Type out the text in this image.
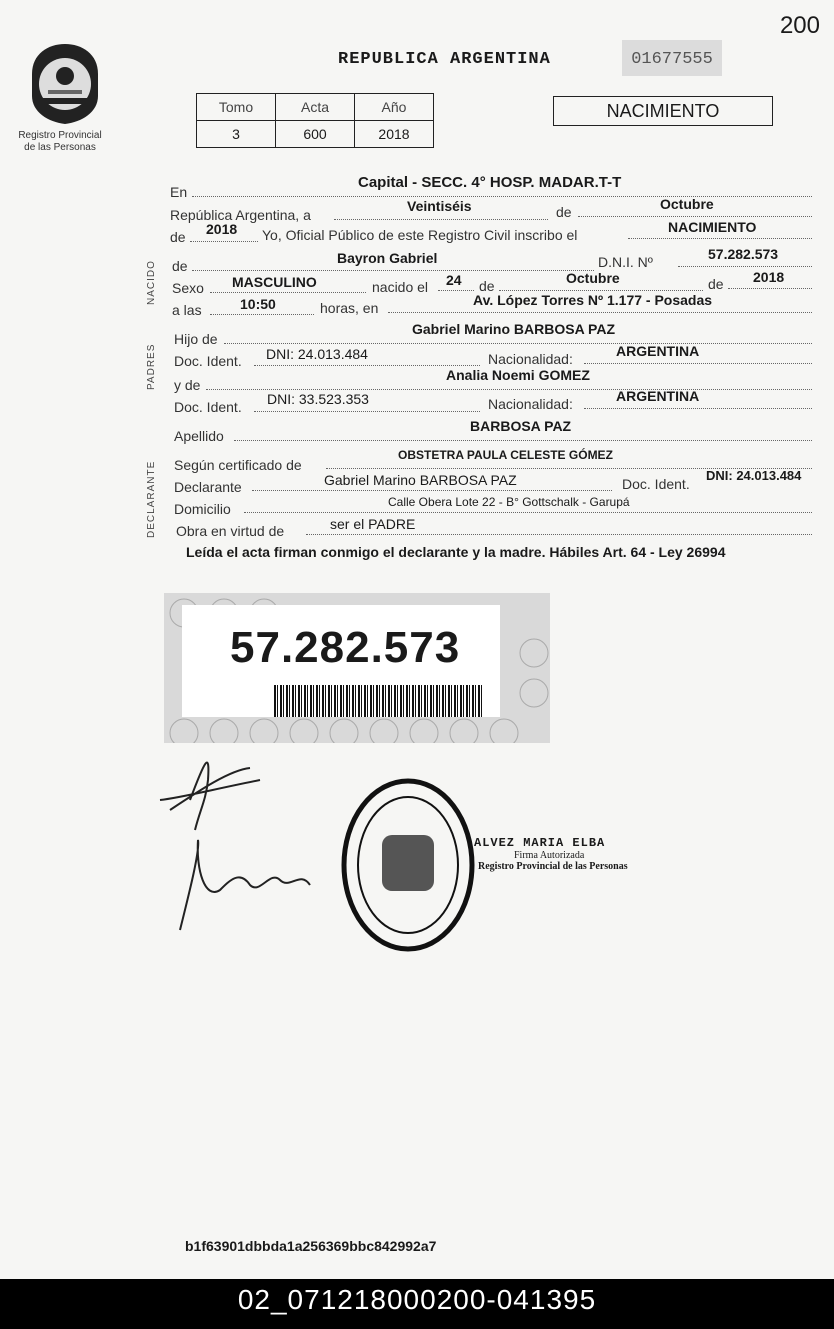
200
Registro Provincial
de las Personas
REPUBLICA ARGENTINA	01677555
Tomo	Acta	Año
3	600	2018
NACIMIENTO
NACIDO
PADRES
DECLARANTE
En
Capital - SECC. 4° HOSP. MADAR.T-T
República Argentina, a
Veintiséis	de	Octubre
de 2018 Yo, Oficial Público de este Registro Civil inscribo el	NACIMIENTO
de	Bayron Gabriel	D.N.I. Nº	57.282.573
Sexo MASCULINO	nacido el 24 de	Octubre	de 2018
a las	10:50	horas, en	Av. López Torres Nº 1.177 - Posadas
Hijo de
Gabriel Marino BARBOSA PAZ
Doc. Ident. DNI: 24.013.484	Nacionalidad:	ARGENTINA
y de
Analia Noemi GOMEZ
Doc. Ident. DNI: 33.523.353	Nacionalidad:	ARGENTINA
Apellido
BARBOSA PAZ
Según certificado de
OBSTETRA PAULA CELESTE GÓMEZ
Declarante	Gabriel Marino BARBOSA PAZ	Doc. Ident.
DNI: 24.013.484
Domicilio	Calle Obera Lote 22 - B° Gottschalk - Garupá
Obra en virtud de	ser el PADRE
Leída el acta firman conmigo el declarante y la madre. Hábiles Art. 64 - Ley 26994
57.282.573
ALVEZ MARIA ELBA
Firma Autorizada
Registro Provincial de las Personas
b1f63901dbbda1a256369bbc842992a7
02_071218000200-041395
